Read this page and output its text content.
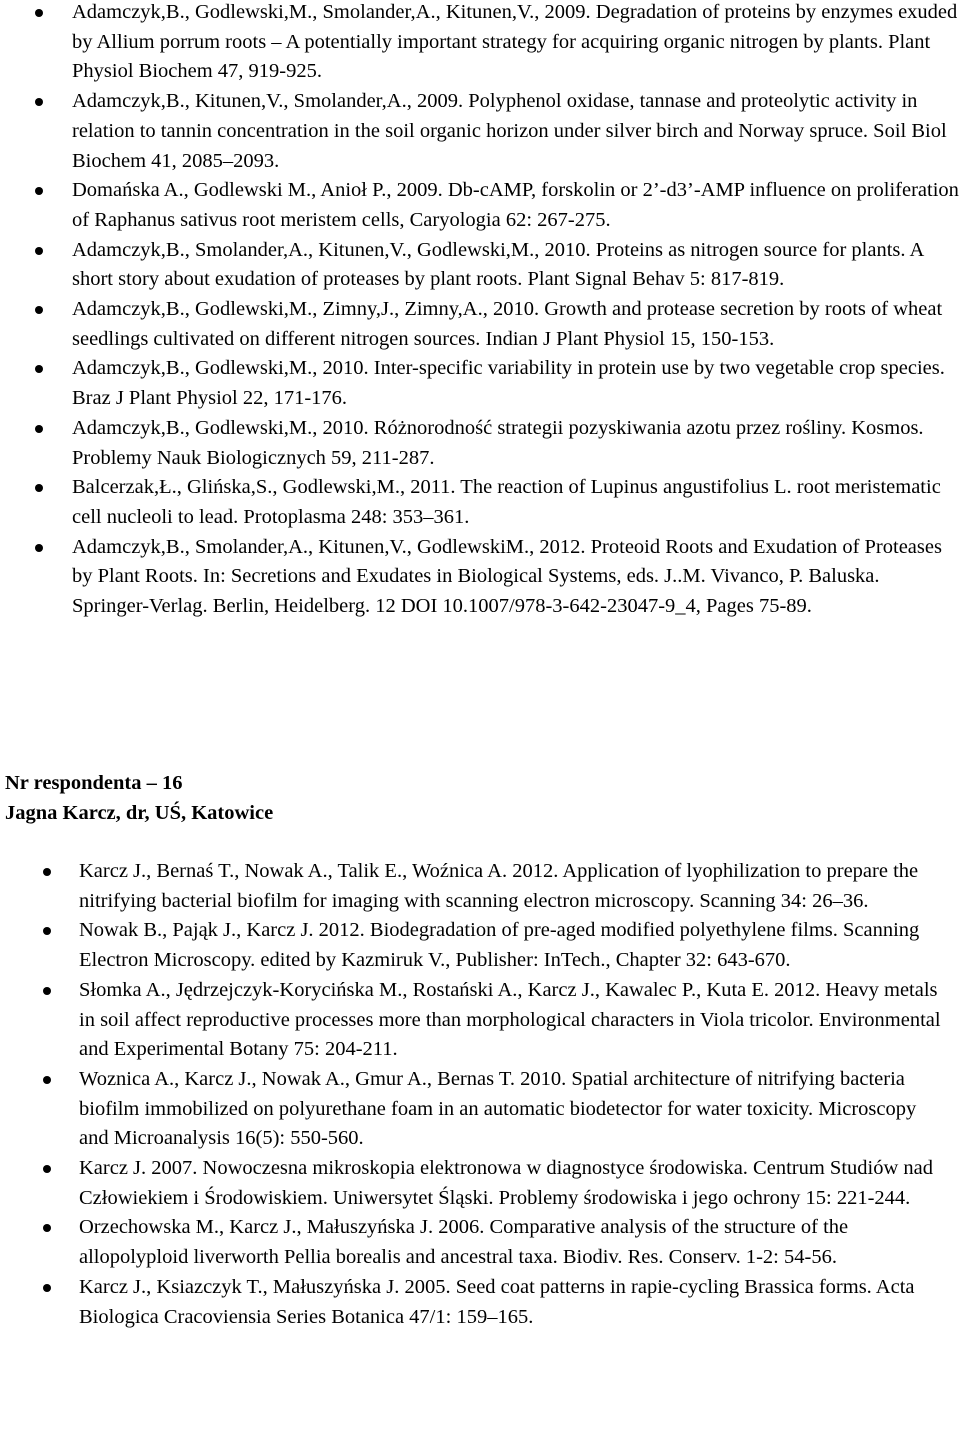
Adamczyk,B., Godlewski,M., Smolander,A., Kitunen,V., 2009. Degradation of proteins by enzymes exuded by Allium porrum roots – A potentially important strategy for acquiring organic nitrogen by plants. Plant Physiol Biochem 47, 919-925.
Adamczyk,B., Kitunen,V., Smolander,A., 2009. Polyphenol oxidase, tannase and proteolytic activity in relation to tannin concentration in the soil organic horizon under silver birch and Norway spruce. Soil Biol Biochem 41, 2085–2093.
Domańska A., Godlewski M., Anioł P., 2009. Db-cAMP, forskolin or 2’-d3’-AMP influence on proliferation of Raphanus sativus root meristem cells, Caryologia 62: 267-275.
Adamczyk,B., Smolander,A., Kitunen,V., Godlewski,M., 2010. Proteins as nitrogen source for plants. A short story about exudation of proteases by plant roots. Plant Signal Behav 5: 817-819.
Adamczyk,B., Godlewski,M., Zimny,J., Zimny,A., 2010. Growth and protease secretion by roots of wheat seedlings cultivated on different nitrogen sources. Indian J Plant Physiol 15, 150-153.
Adamczyk,B., Godlewski,M., 2010. Inter-specific variability in protein use by two vegetable crop species. Braz J Plant Physiol 22, 171-176.
Adamczyk,B., Godlewski,M., 2010. Różnorodność strategii pozyskiwania azotu przez rośliny. Kosmos. Problemy Nauk Biologicznych 59, 211-287.
Balcerzak,Ł., Glińska,S., Godlewski,M., 2011. The reaction of Lupinus angustifolius L. root meristematic cell nucleoli to lead. Protoplasma 248: 353–361.
Adamczyk,B., Smolander,A., Kitunen,V., GodlewskiM., 2012. Proteoid Roots and Exudation of Proteases by Plant Roots. In: Secretions and Exudates in Biological Systems, eds. J..M. Vivanco, P. Baluska. Springer-Verlag. Berlin, Heidelberg. 12 DOI 10.1007/978-3-642-23047-9_4, Pages 75-89.
Nr respondenta – 16
Jagna Karcz, dr, UŚ, Katowice
Karcz J., Bernaś T., Nowak A., Talik E., Woźnica A. 2012. Application of lyophilization to prepare the nitrifying bacterial biofilm for imaging with scanning electron microscopy. Scanning 34: 26–36.
Nowak B., Pająk J., Karcz J. 2012. Biodegradation of pre-aged modified polyethylene films. Scanning Electron Microscopy. edited by Kazmiruk V., Publisher: InTech., Chapter 32: 643-670.
Słomka A., Jędrzejczyk-Korycińska M., Rostański A., Karcz J., Kawalec P., Kuta E. 2012. Heavy metals in soil affect reproductive processes more than morphological characters in Viola tricolor. Environmental and Experimental Botany 75: 204-211.
Woznica A., Karcz J., Nowak A., Gmur A., Bernas T. 2010. Spatial architecture of nitrifying bacteria biofilm immobilized on polyurethane foam in an automatic biodetector for water toxicity. Microscopy and Microanalysis 16(5): 550-560.
Karcz J. 2007. Nowoczesna mikroskopia elektronowa w diagnostyce środowiska. Centrum Studiów nad Człowiekiem i Środowiskiem. Uniwersytet Śląski. Problemy środowiska i jego ochrony 15: 221-244.
Orzechowska M., Karcz J., Małuszyńska J. 2006. Comparative analysis of the structure of the allopolyploid liverworth Pellia borealis and ancestral taxa. Biodiv. Res. Conserv. 1-2: 54-56.
Karcz J., Ksiazczyk T., Małuszyńska J. 2005. Seed coat patterns in rapie-cycling Brassica forms. Acta Biologica Cracoviensia Series Botanica 47/1: 159–165.
